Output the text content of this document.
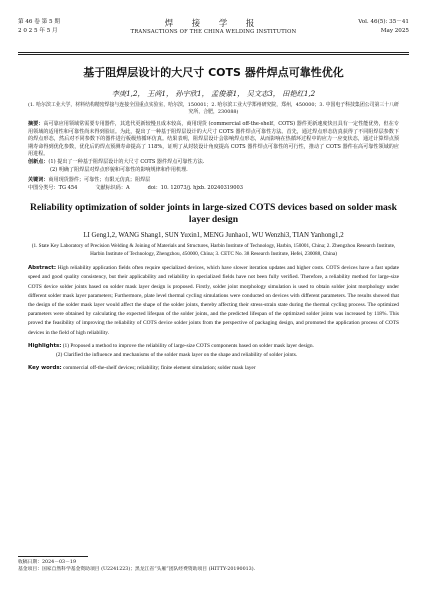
第 46 卷 第 5 期
2 0 2 5 年 5 月
焊 接 学 报
TRANSACTIONS OF THE CHINA WELDING INSTITUTION
Vol. 46(5): 35－41
May 2025
基于阻焊层设计的大尺寸 COTS 器件焊点可靠性优化
李庚1,2， 王尚1， 孙宇欣1， 孟俊豪1， 吴文志3， 田艳红1,2
(1. 哈尔滨工业大学，材料结构精密焊接与连接全国重点实验室，哈尔滨，150001；2. 哈尔滨工业大学郑州研究院，郑州，450000；3. 中国电子科技集团公司第三十八研究所，合肥，230088)
摘要：高可靠应用领域常需要专用器件，其选代更新较慢且成本较高，商用现货 (commercial off-the-shelf，COTS) 器件更新速度快且具有一定性能优势，但在专用领域的适用性和可靠性尚未得到验证。为此，提出了一种基于阻焊层设计的大尺寸 COTS 器件焊点可靠性方法。首先，通过焊点形态仿真获得了不同阻焊层参数下的焊点形态，然后对不同参数下的器件进行板级热循环仿真。结果表明，阻焊层设计会影响焊点形态，从而影响在热循环过程中的应力一应变状态，通过计算焊点预期寿命得到优化参数，优化后的焊点预测寿命提高了 118%，证明了从封装设计角度提高 COTS 器件焊点可靠性的可行性，推动了 COTS 器件在高可靠性领域的应用进程。
创新点：(1) 提出了一种基于阻焊层设计的大尺寸 COTS 器件焊点可靠性方法.
(2) 明确了阻焊层对焊点形貌和可靠性的影响规律和作用机理.
关键词：商用现货器件；可靠性；有限元仿真；阻焊层
中图分类号：TG 454	文献标识码：A	doi：10. 12073/j. hjxb. 20240319003
Reliability optimization of solder joints in large-sized COTS devices based on solder mask layer design
LI Geng1,2, WANG Shang1, SUN Yuxin1, MENG Junhao1, WU Wenzhi3, TIAN Yanhong1,2
(1. State Key Laboratory of Precision Welding & Joining of Materials and Structures, Harbin Institute of Technology, Harbin, 150001, China; 2. Zhengzhou Research Institute, Harbin Institute of Technology, Zhengzhou, 450000, China; 3. CETC No. 38 Research Institute, Hefei, 230088, China)
Abstract: High reliability application fields often require specialized devices, which have slower iteration updates and higher costs. COTS devices have a fast update speed and good quality consistency, but their applicability and reliability in specialized fields have not been fully verified. Therefore, a reliability method for large-size COTS device solder joints based on solder mask layer design is proposed. Firstly, solder joint morphology simulation is used to obtain solder joint morphology under different solder mask layer parameters; Furthermore, plate level thermal cycling simulations were conducted on devices with different parameters. The results showed that the design of the solder mask layer would affect the shape of the solder joints, thereby affecting their stress-strain state during the thermal cycling process. The optimized parameters were obtained by calculating the expected lifespan of the solder joints, and the predicted lifespan of the optimized solder joints was increased by 118%. This proved the feasibility of improving the reliability of COTS device solder joints from the perspective of packaging design, and promoted the application process of COTS devices in the field of high reliability.
Highlights: (1) Proposed a method to improve the reliability of large-size COTS components based on solder mask layer design.
(2) Clarified the influence and mechanisms of the solder mask layer on the shape and reliability of solder joints.
Key words: commercial off-the-shelf devices; reliability; finite element simulation; solder mask layer
收稿日期：2024－03－19
基金项目：国家自然科学基金资助项目 (U2241223)；黑龙江省“头雁”团队经费资助项目 (HITTY-20190013).
